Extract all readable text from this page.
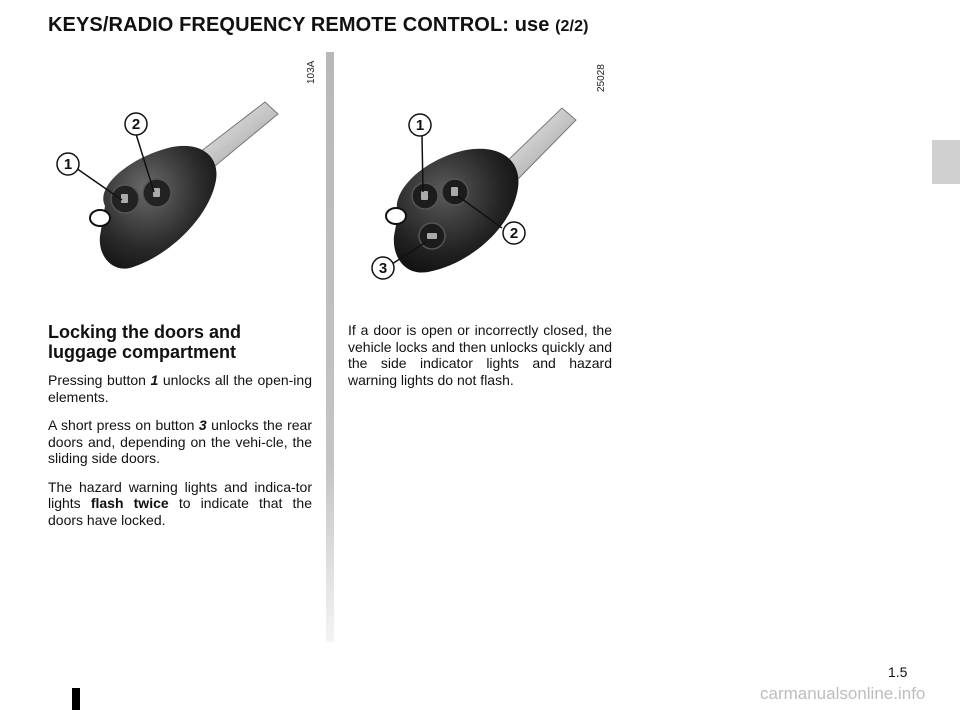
KEYS/RADIO FREQUENCY REMOTE CONTROL: use (2/2)
1
2
103A
1
2
3
25028
Locking the doors and luggage compartment

Pressing button 1 unlocks all the open-ing elements.

A short press on button 3 unlocks the rear doors and, depending on the vehi-cle, the sliding side doors.

The hazard warning lights and indica-tor lights flash twice to indicate that the doors have locked.

If a door is open or incorrectly closed, the vehicle locks and then unlocks quickly and the side indicator lights and hazard warning lights do not flash.

1.5
carmanualsonline.info
